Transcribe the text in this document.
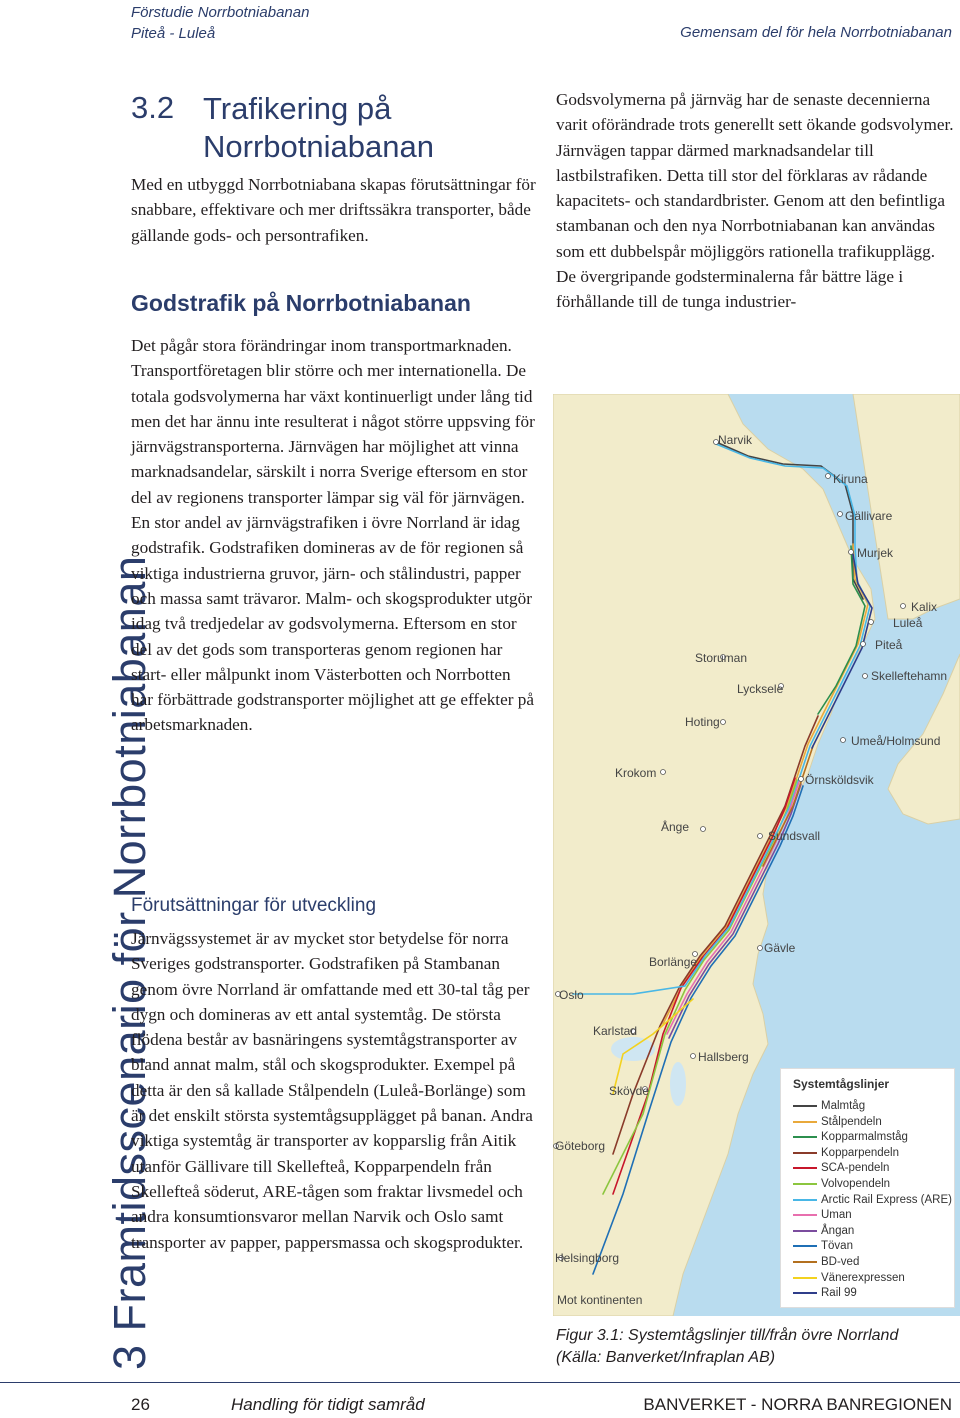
Förstudie Norrbotniabanan
Piteå - Luleå	Gemensam del för hela Norrbotniabanan
3 Framtidsscenario för Norrbotniabanan
3.2 Trafikering på Norrbotniabanan

Med en utbyggd Norrbotniabana skapas förutsättningar för snabbare, effektivare och mer driftssäkra transporter, både gällande gods- och persontrafiken.

Godstrafik på Norrbotniabanan

Det pågår stora förändringar inom transportmarknaden. Transportföretagen blir större och mer internationella. De totala godsvolymerna har växt kontinuerligt under lång tid men det har ännu inte resulterat i något större uppsving för järnvägstransporterna. Järnvägen har möjlighet att vinna marknadsandelar, särskilt i norra Sverige eftersom en stor del av regionens transporter lämpar sig väl för järnvägen. En stor andel av järnvägstrafiken i övre Norrland är idag godstrafik. Godstrafiken domineras av de för regionen så viktiga industrierna gruvor, järn- och stålindustri, papper och massa samt trävaror. Malm- och skogsprodukter utgör idag två tredjedelar av godsvolymerna. Eftersom en stor del av det gods som transporteras genom regionen har start- eller målpunkt inom Västerbotten och Norrbotten har förbättrade godstransporter möjlighet att ge effekter på arbetsmarknaden.

Förutsättningar för utveckling

Järnvägssystemet är av mycket stor betydelse för norra Sveriges godstransporter. Godstrafiken på Stambanan genom övre Norrland är omfattande med ett 30-tal tåg per dygn och domineras av ett antal systemtåg. De största flödena består av basnäringens systemtågstransporter av bland annat malm, stål och skogsprodukter. Exempel på detta är den så kallade Stålpendeln (Luleå-Borlänge) som är det enskilt största systemtågsupplägget på banan. Andra viktiga systemtåg är transporter av kopparslig från Aitik utanför Gällivare till Skellefteå, Kopparpendeln från Skellefteå söderut, ARE-tågen som fraktar livsmedel och andra konsumtionsvaror mellan Narvik och Oslo samt transporter av papper, pappersmassa och skogsprodukter.

Godsvolymerna på järnväg har de senaste decennierna varit oförändrade trots generellt sett ökande godsvolymer. Järnvägen tappar därmed marknadsandelar till lastbilstrafiken. Detta till stor del förklaras av rådande kapacitets- och standardbrister. Genom att den befintliga stambanan och den nya Norrbotniabanan kan användas som ett dubbelspår möjliggörs rationella trafikupplägg. De övergripande godsterminalerna får bättre läge i förhållande till de tunga industrier-

Narvik
Kiruna
Gällivare
Murjek
Kalix
Luleå
Piteå
Skelleftehamn
Storuman
Lycksele
Hoting
Umeå/Holmsund
Krokom	Örnsköldsvik
Ånge
Sundsvall
Borlänge
Gävle
Oslo
Karlstad
Hallsberg
Skövde
Göteborg
Helsingborg
Mot kontinenten
Systemtågslinjer
Malmtåg
Stålpendeln
Kopparmalmståg
Kopparpendeln
SCA-pendeln
Volvopendeln
Arctic Rail Express (ARE)
Uman
Ångan
Tövan
BD-ved
Vänerexpressen
Rail 99
Figur 3.1: Systemtågslinjer till/från övre Norrland
(Källa: Banverket/Infraplan AB)
26	Handling för tidigt samråd	BANVERKET - NORRA BANREGIONEN
